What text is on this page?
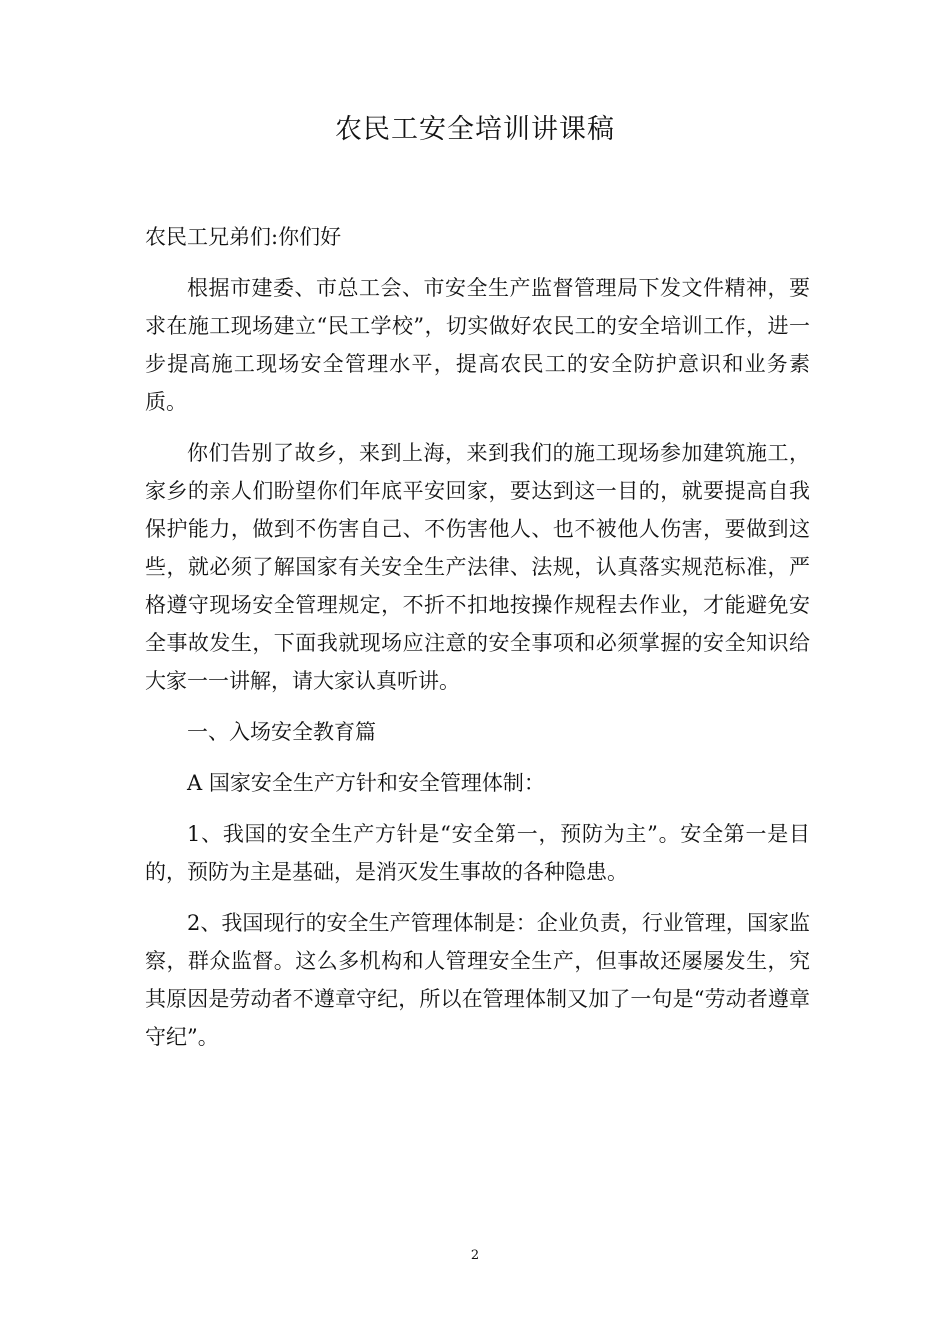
农民工安全培训讲课稿

农民工兄弟们:你们好

根据市建委、市总工会、市安全生产监督管理局下发文件精神，要求在施工现场建立“民工学校”，切实做好农民工的安全培训工作，进一步提高施工现场安全管理水平，提高农民工的安全防护意识和业务素质。

你们告别了故乡，来到上海，来到我们的施工现场参加建筑施工，家乡的亲人们盼望你们年底平安回家，要达到这一目的，就要提高自我保护能力，做到不伤害自己、不伤害他人、也不被他人伤害，要做到这些，就必须了解国家有关安全生产法律、法规，认真落实规范标准，严格遵守现场安全管理规定，不折不扣地按操作规程去作业，才能避免安全事故发生，下面我就现场应注意的安全事项和必须掌握的安全知识给大家一一讲解，请大家认真听讲。

一、入场安全教育篇

A 国家安全生产方针和安全管理体制：

1、我国的安全生产方针是“安全第一，预防为主”。安全第一是目的，预防为主是基础，是消灭发生事故的各种隐患。

2、我国现行的安全生产管理体制是：企业负责，行业管理，国家监察，群众监督。这么多机构和人管理安全生产，但事故还屡屡发生，究其原因是劳动者不遵章守纪，所以在管理体制又加了一句是“劳动者遵章守纪”。

2
